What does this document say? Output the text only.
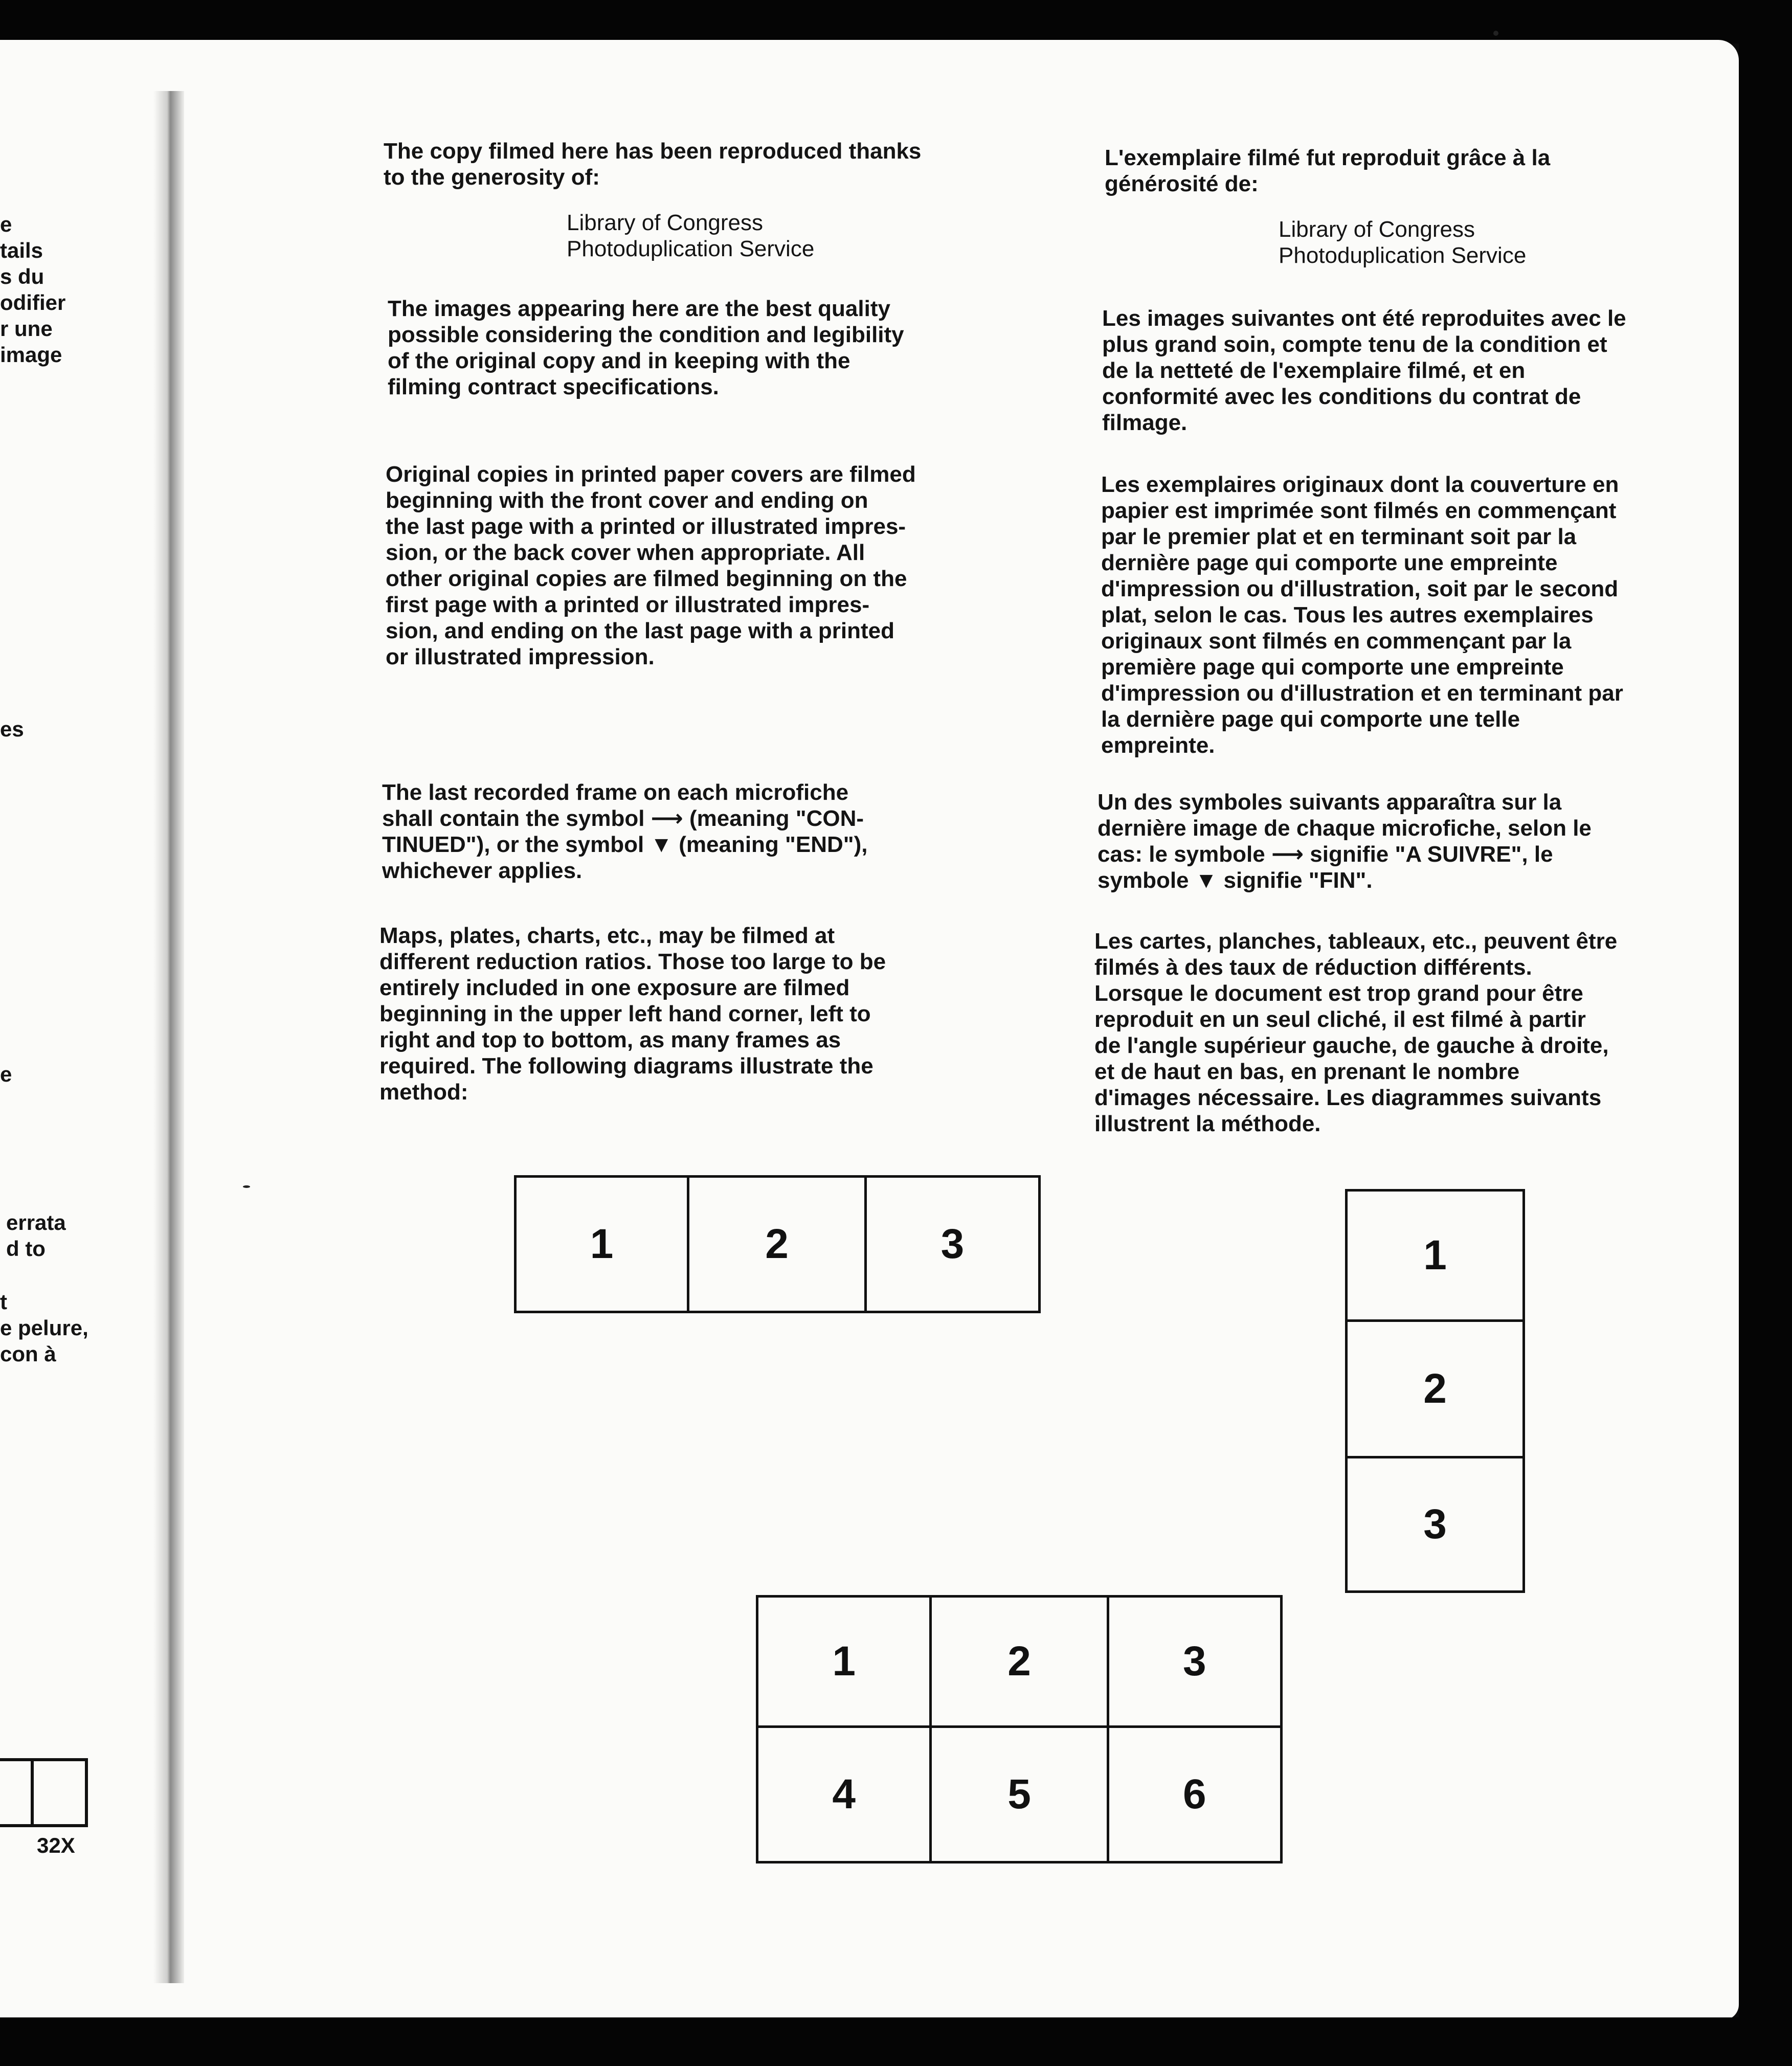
e
tails
s du
odifier
r une
image
es
e
errata
d to
t
e pelure,
con à
32X

The copy filmed here has been reproduced thanks
to the generosity of:

Library of Congress
Photoduplication Service

The images appearing here are the best quality
possible considering the condition and legibility
of the original copy and in keeping with the
filming contract specifications.

Original copies in printed paper covers are filmed
beginning with the front cover and ending on
the last page with a printed or illustrated impres-
sion, or the back cover when appropriate. All
other original copies are filmed beginning on the
first page with a printed or illustrated impres-
sion, and ending on the last page with a printed
or illustrated impression.

The last recorded frame on each microfiche
shall contain the symbol ⟶ (meaning "CON-
TINUED"), or the symbol ▼ (meaning "END"),
whichever applies.

Maps, plates, charts, etc., may be filmed at
different reduction ratios. Those too large to be
entirely included in one exposure are filmed
beginning in the upper left hand corner, left to
right and top to bottom, as many frames as
required. The following diagrams illustrate the
method:

L'exemplaire filmé fut reproduit grâce à la
générosité de:

Library of Congress
Photoduplication Service

Les images suivantes ont été reproduites avec le
plus grand soin, compte tenu de la condition et
de la netteté de l'exemplaire filmé, et en
conformité avec les conditions du contrat de
filmage.

Les exemplaires originaux dont la couverture en
papier est imprimée sont filmés en commençant
par le premier plat et en terminant soit par la
dernière page qui comporte une empreinte
d'impression ou d'illustration, soit par le second
plat, selon le cas. Tous les autres exemplaires
originaux sont filmés en commençant par la
première page qui comporte une empreinte
d'impression ou d'illustration et en terminant par
la dernière page qui comporte une telle
empreinte.

Un des symboles suivants apparaîtra sur la
dernière image de chaque microfiche, selon le
cas: le symbole ⟶ signifie "A SUIVRE", le
symbole ▼ signifie "FIN".

Les cartes, planches, tableaux, etc., peuvent être
filmés à des taux de réduction différents.
Lorsque le document est trop grand pour être
reproduit en un seul cliché, il est filmé à partir
de l'angle supérieur gauche, de gauche à droite,
et de haut en bas, en prenant le nombre
d'images nécessaire. Les diagrammes suivants
illustrent la méthode.

1	2	3	1
2
3
1	2	3
4	5	6
